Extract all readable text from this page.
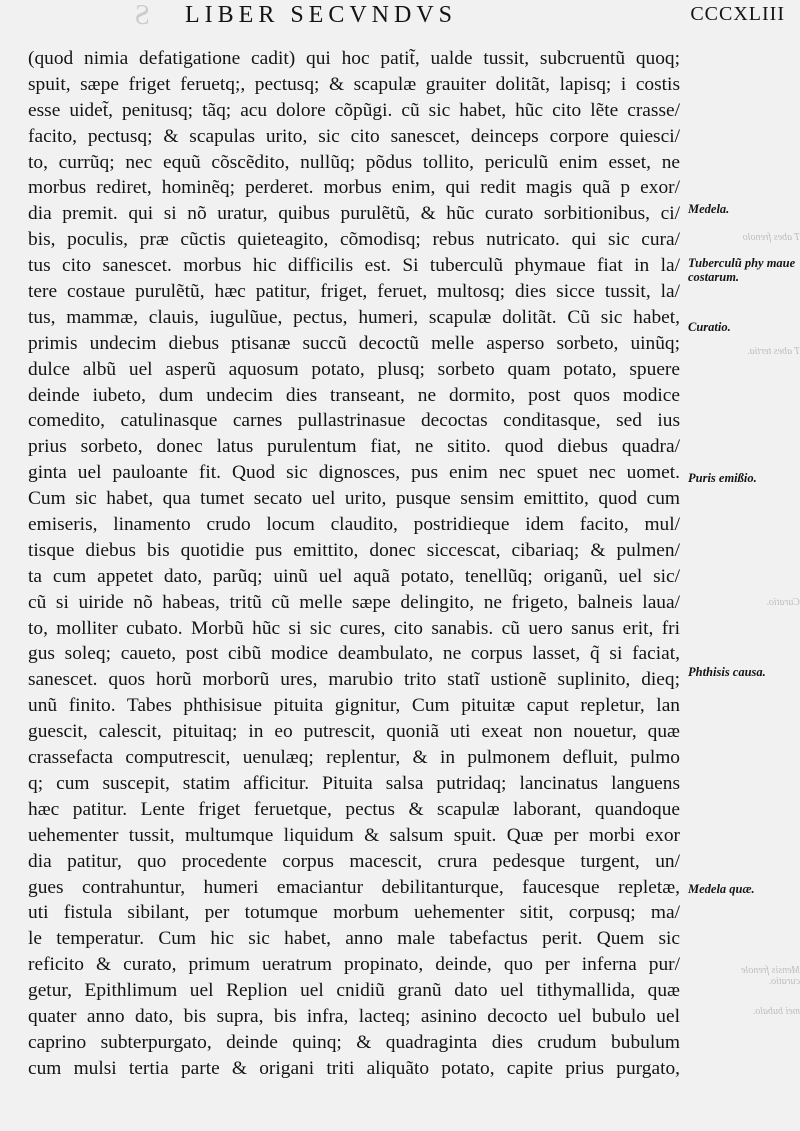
S LIBER SECVNDVS	CCCXLIII
(quod nimia defatigatione cadit) qui hoc patit̃, ualde tussit, subcruentũ quoq;
spuit, sæpe friget feruetq;, pectusq; & scapulæ grauiter dolitãt, lapisq; i costis
esse uidet̃, penitusq; tãq; acu dolore cõpũgi. cũ sic habet, hũc cito lẽte crasse/
facito, pectusq; & scapulas urito, sic cito sanescet, deinceps corpore quiesci/
to, currũq; nec equũ cõscẽdito, nullũq; põdus tollito, periculũ enim esset, ne
morbus rediret, hominẽq; perderet. morbus enim, qui redit magis quã p exor/
dia premit. qui si nõ uratur, quibus purulẽtũ, & hũc curato sorbitionibus, ci/
bis, poculis, præ cũctis quieteagito, cõmodisq; rebus nutricato. qui sic cura/
tus cito sanescet. morbus hic difficilis est. Si tuberculũ phymaue fiat in la/
tere costaue purulẽtũ, hæc patitur, friget, feruet, multosq; dies sicce tussit, la/
tus, mammæ, clauis, iugulũue, pectus, humeri, scapulæ dolitãt. Cũ sic habet,
primis undecim diebus ptisanæ succũ decoctũ melle asperso sorbeto, uinũq;
dulce albũ uel asperũ aquosum potato, plusq; sorbeto quam potato, spuere
deinde iubeto, dum undecim dies transeant, ne dormito, post quos modice
comedito, catulinasque carnes pullastrinasue decoctas conditasque, sed ius
prius sorbeto, donec latus purulentum fiat, ne sitito. quod diebus quadra/
ginta uel pauloante fit. Quod sic dignosces, pus enim nec spuet nec uomet.
Cum sic habet, qua tumet secato uel urito, pusque sensim emittito, quod cum
emiseris, linamento crudo locum claudito, postridieque idem facito, mul/
tisque diebus bis quotidie pus emittito, donec siccescat, cibariaq; & pulmen/
ta cum appetet dato, parũq; uinũ uel aquã potato, tenellũq; origanũ, uel sic/
cũ si uiride nõ habeas, tritũ cũ melle sæpe delingito, ne frigeto, balneis laua/
to, molliter cubato. Morbũ hũc si sic cures, cito sanabis. cũ uero sanus erit, fri
gus soleq; caueto, post cibũ modice deambulato, ne corpus lasset, q̃ si faciat,
sanescet. quos horũ morborũ ures, marubio trito statĩ ustionẽ suplinito, dieq;
unũ finito. Tabes phthisisue pituita gignitur, Cum pituitæ caput repletur, lan
guescit, calescit, pituitaq; in eo putrescit, quoniã uti exeat non nouetur, quæ
crassefacta computrescit, uenulæq; replentur, & in pulmonem defluit, pulmo
q; cum suscepit, statim afficitur. Pituita salsa putridaq; lancinatus languens
hæc patitur. Lente friget feruetque, pectus & scapulæ laborant, quandoque
uehementer tussit, multumque liquidum & salsum spuit. Quæ per morbi exor
dia patitur, quo procedente corpus macescit, crura pedesque turgent, un/
gues contrahuntur, humeri emaciantur debilitanturque, faucesque repletæ,
uti fistula sibilant, per totumque morbum uehementer sitit, corpusq; ma/
le temperatur. Cum hic sic habet, anno male tabefactus perit. Quem sic
reficito & curato, primum ueratrum propinato, deinde, quo per inferna pur/
getur, Epithlimum uel Replion uel cnidiũ granũ dato uel tithymallida, quæ
quater anno dato, bis supra, bis infra, lacteq; asinino decocto uel bubulo uel
caprino subterpurgato, deinde quinq; & quadraginta dies crudum bubulum
cum mulsi tertia parte & origani triti aliquãto potato, capite prius purgato,
Medela.
Tuberculũ phy maue costarum.
Curatio.
Puris emißio.
Phthisis causa.
Medela quæ.
T abes frenolo
T abes tertia.
Curatio.
Mensis frenole curatio.
mei bubalo.
